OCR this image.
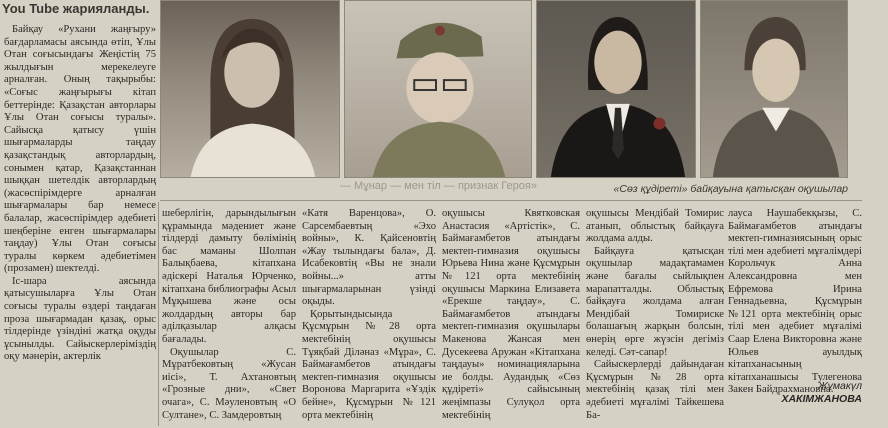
You Tube жарияланды.
— Мұнар — мен тіл — признак Героя»	«Сөз құдіреті» байқауына қатысқан оқушылар

Байқау «Рухани жаңғыру» бағдарламасы аясында өтіп, Ұлы Отан соғысындағы Жеңістің 75 жылдығын мерекелеуге арналған. Оның тақырыбы: «Соғыс жаңғырығы кітап беттерінде: Қазақстан авторлары Ұлы Отан соғысы туралы». Сайысқа қатысу үшін шығармаларды таңдау қазақстандық авторлардың, сонымен қатар, Қазақстаннан шыққан шетелдік авторлардың (жасөспірімдерге арналған шығармалары бар немесе балалар, жасөспірімдер әдебиеті шеңберіне енген шығармалары таңдау) Ұлы Отан соғысы туралы көркем әдебиетімен (прозамен) шектелді.

Іс-шара аясында қатысушыларға Ұлы Отан соғысы туралы өздері таңдаған проза шығармадан қазақ, орыс тілдерінде үзіндіні жатқа оқуды ұсынылды. Сайыскерлеріміздің оқу мәнерін, актерлік

шеберлігін, дарындылығын құрамында мәдениет және тілдерді дамыту бөлімінің бас маманы Шолпан Балықбаева, кітапхана әдіскері Наталья Юрченко, кітапхана библиографы Асыл Мұқышева және осы жолдардың авторы бар әділқазылар алқасы бағалады.

Оқушылар С. Мұратбековтың «Жусан иісі», Т. Ахтановтың «Грозные дни», «Свет очага», С. Мәуленовтың «О Султане», С. Замдеровтың

«Катя Варенцова», О. Сарсембаевтың «Эхо войны», К. Қайсеновтің «Жау тылындағы бала», Д. Исабековтің «Вы не знали войны...» атты шығармаларынан үзінді оқыды.

Қорытындысында Құсмұрын №28 орта мектебінің оқушысы Тұяқбай Діләназ «Мұра», С. Баймағамбетов атындағы мектеп-гимназия оқушысы Воронова Маргарита «Ұздік бейне», Құсмұрын №121 орта мектебінің

оқушысы Квятковская Анастасия «Артістік», С. Баймағамбетов атындағы мектеп-гимназия оқушысы Юрьева Нина және Құсмұрын №121 орта мектебінің оқушысы Маркина Елизавета «Ерекше таңдау», С. Баймағамбетов атындағы мектеп-гимназия оқушылары Макенова Жансая мен Дусекеева Аружан «Кітапхана таңдауы» номинацияларына ие болды. Аудандық «Сөз құдіреті» сайысының жеңімпазы Сулуқол орта мектебінің

оқушысы Мендібай Томирис атанып, облыстық байқауға жолдама алды.

Байқауға қатысқан оқушылар мадақтамамен және бағалы сыйлықпен марапатталды. Облыстық байқауға жолдама алған Мендібай Томириске болашағың жарқын болсын, өнерің өрге жүзсін дегіміз келеді. Сәт-сапар!

Сайыскерлерді дайындаған Құсмұрын №28 орта мектебінің қазақ тілі мен әдебиеті мұғалімі Тайкешева Ба-

лауса Наушабекқызы, С. Баймағамбетов атындағы мектеп-гимназиясының орыс тілі мен әдебиеті мұғалімдері Корольчук Анна Александровна мен Ефремова Ирина Геннадьевна, Құсмұрын №121 орта мектебінің орыс тілі мен әдебиет мұғалімі Саар Елена Викторовна және Юльев ауылдық кітапханасының кітапханашысы Тулегенова Закен Байдрахмановна.

Жұмакүл
ХАКІМЖАНОВА
